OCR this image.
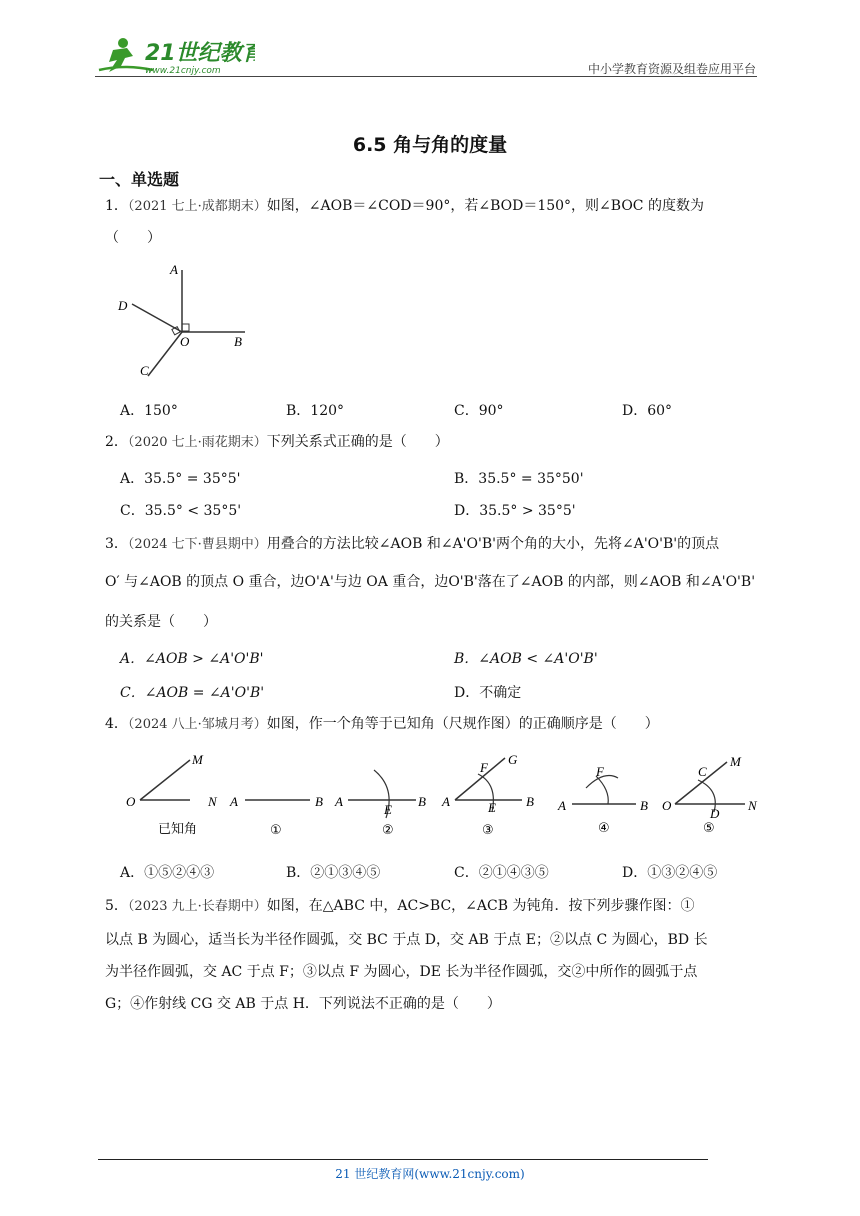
21世纪教育
www.21cnjy.com	中小学教育资源及组卷应用平台
6.5 角与角的度量
一、单选题
1．（2021 七上·成都期末）如图，∠AOB＝∠COD＝90°，若∠BOD＝150°，则∠BOC 的度数为
（　　）
A
B
C
D
O
A．150°	B．120°	C．90°	D．60°
2．（2020 七上·雨花期末）下列关系式正确的是（　　）
A．35.5° = 35°5'	B．35.5° = 35°50'
C．35.5° < 35°5'	D．35.5° > 35°5'
3．（2024 七下·曹县期中）用叠合的方法比较∠AOB 和∠A'O'B'两个角的大小，先将∠A'O'B'的顶点
O′ 与∠AOB 的顶点 O 重合，边O'A'与边 OA 重合，边O'B'落在了∠AOB 的内部，则∠AOB 和∠A'O'B'
的关系是（　　）
A．∠AOB > ∠A'O'B'	B．∠AOB < ∠A'O'B'
C．∠AOB = ∠A'O'B'	D．不确定
4．（2024 八上·邹城月考）如图，作一个角等于已知角（尺规作图）的正确顺序是（　　）
O
M
N
已知角
A	B
①
A	B
E
②
A	B
E
F
G
③
A	B
F
④
O
M
N
C
D
⑤
A．①⑤②④③	B．②①③④⑤	C．②①④③⑤	D．①③②④⑤
5．（2023 九上·长春期中）如图，在△ABC 中，AC>BC，∠ACB 为钝角．按下列步骤作图：①
以点 B 为圆心，适当长为半径作圆弧，交 BC 于点 D，交 AB 于点 E；②以点 C 为圆心，BD 长
为半径作圆弧，交 AC 于点 F；③以点 F 为圆心，DE 长为半径作圆弧，交②中所作的圆弧于点
G；④作射线 CG 交 AB 于点 H．下列说法不正确的是（　　）
21 世纪教育网(www.21cnjy.com)
